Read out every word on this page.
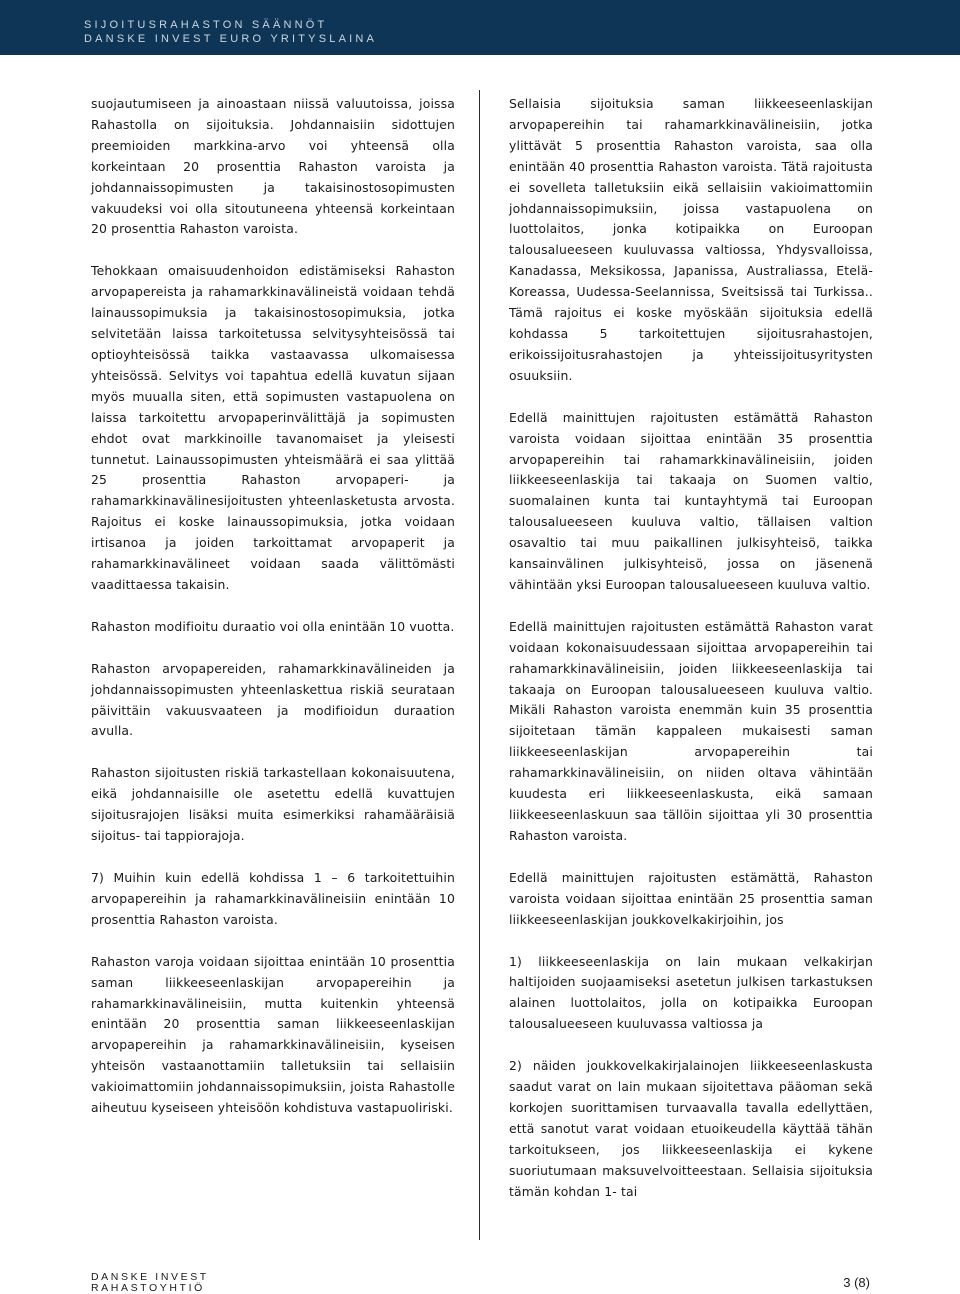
SIJOITUSRAHASTON SÄÄNNÖT
DANSKE INVEST EURO YRITYSLAINA

suojautumiseen ja ainoastaan niissä valuutoissa, joissa Rahastolla on sijoituksia. Johdannaisiin sidottujen preemioiden markkina-arvo voi yhteensä olla korkeintaan 20 prosenttia Rahaston varoista ja johdannaissopimusten ja takaisinostosopimusten vakuudeksi voi olla sitoutuneena yhteensä korkeintaan 20 prosenttia Rahaston varoista.

Tehokkaan omaisuudenhoidon edistämiseksi Rahaston arvopapereista ja rahamarkkinavälineistä voidaan tehdä lainaussopimuksia ja takaisinostosopimuksia, jotka selvitetään laissa tarkoitetussa selvitysyhteisössä tai optioyhteisössä taikka vastaavassa ulkomaisessa yhteisössä. Selvitys voi tapahtua edellä kuvatun sijaan myös muualla siten, että sopimusten vastapuolena on laissa tarkoitettu arvopaperinvälittäjä ja sopimusten ehdot ovat markkinoille tavanomaiset ja yleisesti tunnetut. Lainaussopimusten yhteismäärä ei saa ylittää 25 prosenttia Rahaston arvopaperi- ja rahamarkkinavälinesijoitusten yhteenlasketusta arvosta. Rajoitus ei koske lainaussopimuksia, jotka voidaan irtisanoa ja joiden tarkoittamat arvopaperit ja rahamarkkinavälineet voidaan saada välittömästi vaadittaessa takaisin.

Rahaston modifioitu duraatio voi olla enintään 10 vuotta.

Rahaston arvopapereiden, rahamarkkinavälineiden ja johdannaissopimusten yhteenlaskettua riskiä seurataan päivittäin vakuusvaateen ja modifioidun duraation avulla.

Rahaston sijoitusten riskiä tarkastellaan kokonaisuutena, eikä johdannaisille ole asetettu edellä kuvattujen sijoitusrajojen lisäksi muita esimerkiksi rahamääräisiä sijoitus- tai tappiorajoja.

7) Muihin kuin edellä kohdissa 1 – 6 tarkoitettuihin arvopapereihin ja rahamarkkinavälineisiin enintään 10 prosenttia Rahaston varoista.

Rahaston varoja voidaan sijoittaa enintään 10 prosenttia saman liikkeeseenlaskijan arvopapereihin ja rahamarkkinavälineisiin, mutta kuitenkin yhteensä enintään 20 prosenttia saman liikkeeseenlaskijan arvopapereihin ja rahamarkkinavälineisiin, kyseisen yhteisön vastaanottamiin talletuksiin tai sellaisiin vakioimattomiin johdannaissopimuksiin, joista Rahastolle aiheutuu kyseiseen yhteisöön kohdistuva vastapuoliriski.

Sellaisia sijoituksia saman liikkeeseenlaskijan arvopapereihin tai rahamarkkinavälineisiin, jotka ylittävät 5 prosenttia Rahaston varoista, saa olla enintään 40 prosenttia Rahaston varoista. Tätä rajoitusta ei sovelleta talletuksiin eikä sellaisiin vakioimattomiin johdannaissopimuksiin, joissa vastapuolena on luottolaitos, jonka kotipaikka on Euroopan talousalueeseen kuuluvassa valtiossa, Yhdysvalloissa, Kanadassa, Meksikossa, Japanissa, Australiassa, Etelä-Koreassa, Uudessa-Seelannissa, Sveitsissä tai Turkissa.. Tämä rajoitus ei koske myöskään sijoituksia edellä kohdassa 5 tarkoitettujen sijoitusrahastojen, erikoissijoitusrahastojen ja yhteissijoitusyritysten osuuksiin.

Edellä mainittujen rajoitusten estämättä Rahaston varoista voidaan sijoittaa enintään 35 prosenttia arvopapereihin tai rahamarkkinavälineisiin, joiden liikkeeseenlaskija tai takaaja on Suomen valtio, suomalainen kunta tai kuntayhtymä tai Euroopan talousalueeseen kuuluva valtio, tällaisen valtion osavaltio tai muu paikallinen julkisyhteisö, taikka kansainvälinen julkisyhteisö, jossa on jäsenenä vähintään yksi Euroopan talousalueeseen kuuluva valtio.

Edellä mainittujen rajoitusten estämättä Rahaston varat voidaan kokonaisuudessaan sijoittaa arvopapereihin tai rahamarkkinavälineisiin, joiden liikkeeseenlaskija tai takaaja on Euroopan talousalueeseen kuuluva valtio. Mikäli Rahaston varoista enemmän kuin 35 prosenttia sijoitetaan tämän kappaleen mukaisesti saman liikkeeseenlaskijan arvopapereihin tai rahamarkkinavälineisiin, on niiden oltava vähintään kuudesta eri liikkeeseenlaskusta, eikä samaan liikkeeseenlaskuun saa tällöin sijoittaa yli 30 prosenttia Rahaston varoista.

Edellä mainittujen rajoitusten estämättä, Rahaston varoista voidaan sijoittaa enintään 25 prosenttia saman liikkeeseenlaskijan joukkovelkakirjoihin, jos

1) liikkeeseenlaskija on lain mukaan velkakirjan haltijoiden suojaamiseksi asetetun julkisen tarkastuksen alainen luottolaitos, jolla on kotipaikka Euroopan talousalueeseen kuuluvassa valtiossa ja

2) näiden joukkovelkakirjalainojen liikkeeseenlaskusta saadut varat on lain mukaan sijoitettava pääoman sekä korkojen suorittamisen turvaavalla tavalla edellyttäen, että sanotut varat voidaan etuoikeudella käyttää tähän tarkoitukseen, jos liikkeeseenlaskija ei kykene suoriutumaan maksuvelvoitteestaan. Sellaisia sijoituksia tämän kohdan 1- tai

DANSKE INVEST
RAHASTOYHTIÖ	3 (8)
